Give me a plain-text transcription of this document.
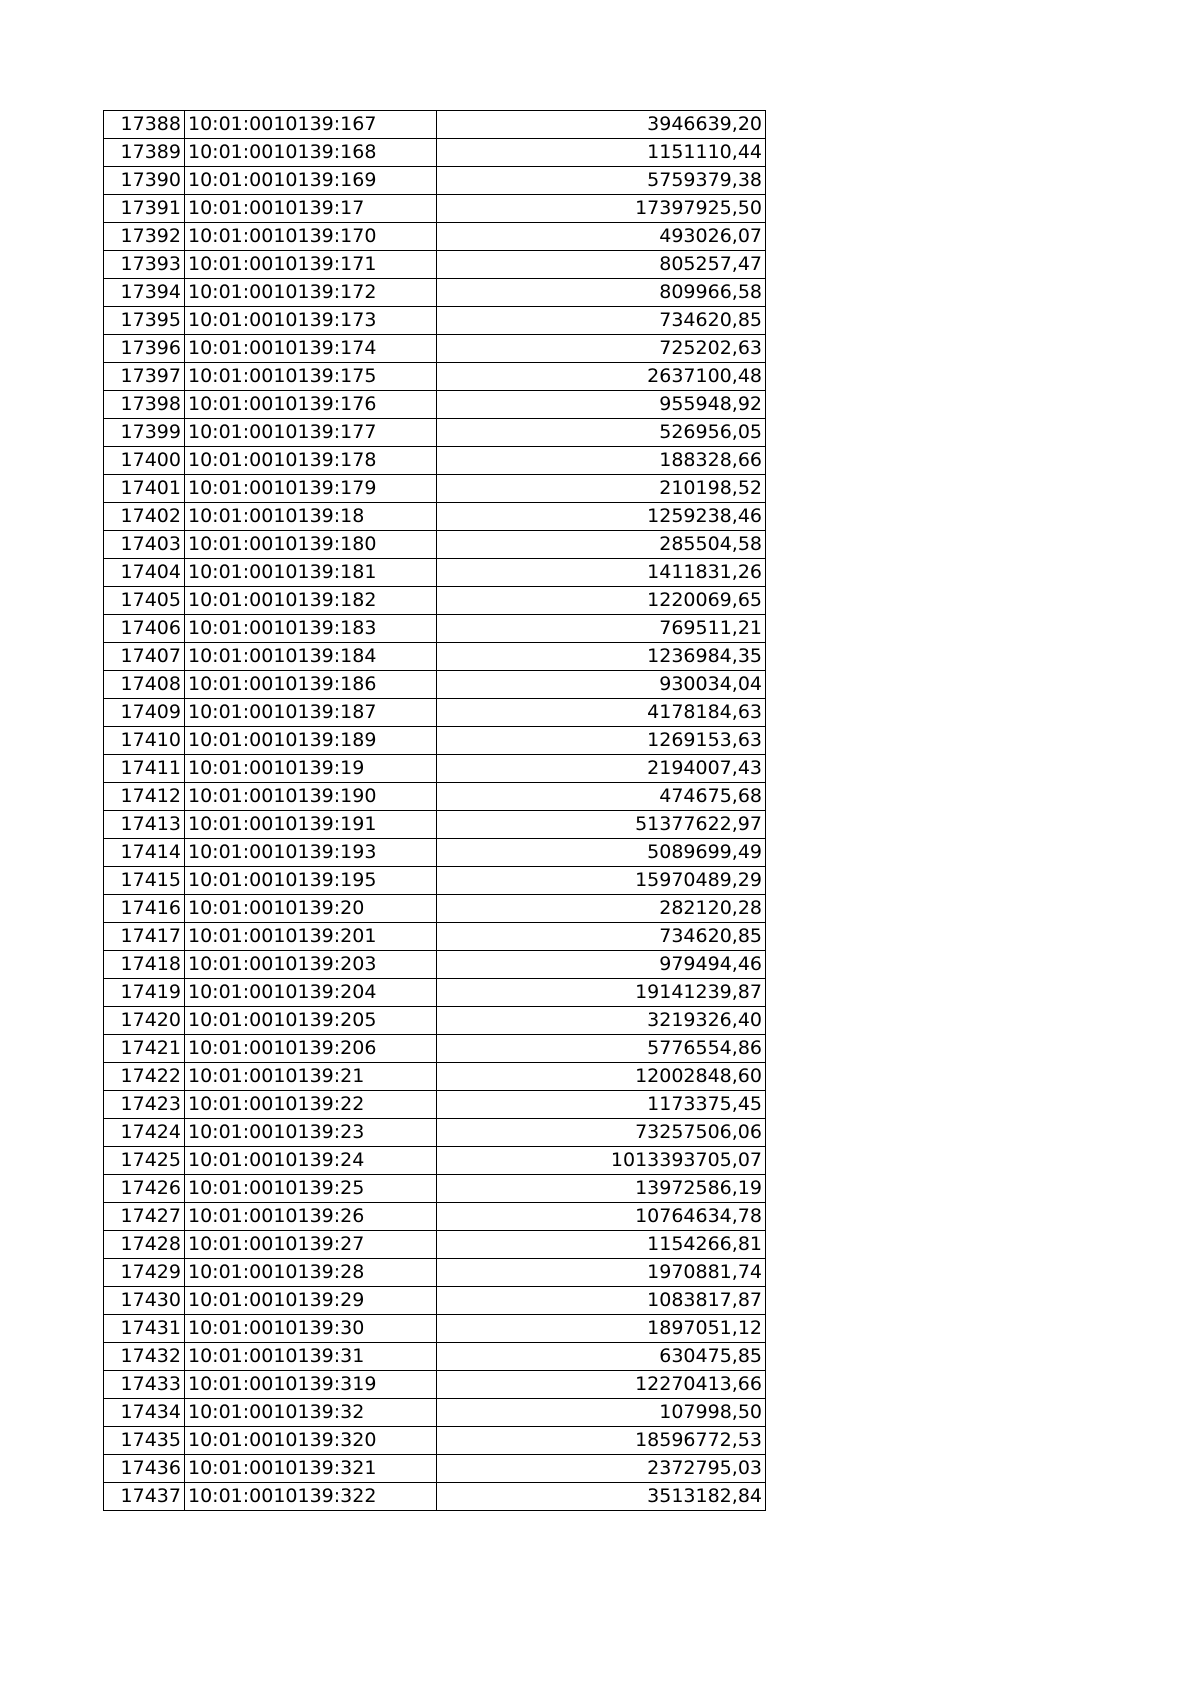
17388	10:01:0010139:167	3946639,20
17389	10:01:0010139:168	1151110,44
17390	10:01:0010139:169	5759379,38
17391	10:01:0010139:17	17397925,50
17392	10:01:0010139:170	493026,07
17393	10:01:0010139:171	805257,47
17394	10:01:0010139:172	809966,58
17395	10:01:0010139:173	734620,85
17396	10:01:0010139:174	725202,63
17397	10:01:0010139:175	2637100,48
17398	10:01:0010139:176	955948,92
17399	10:01:0010139:177	526956,05
17400	10:01:0010139:178	188328,66
17401	10:01:0010139:179	210198,52
17402	10:01:0010139:18	1259238,46
17403	10:01:0010139:180	285504,58
17404	10:01:0010139:181	1411831,26
17405	10:01:0010139:182	1220069,65
17406	10:01:0010139:183	769511,21
17407	10:01:0010139:184	1236984,35
17408	10:01:0010139:186	930034,04
17409	10:01:0010139:187	4178184,63
17410	10:01:0010139:189	1269153,63
17411	10:01:0010139:19	2194007,43
17412	10:01:0010139:190	474675,68
17413	10:01:0010139:191	51377622,97
17414	10:01:0010139:193	5089699,49
17415	10:01:0010139:195	15970489,29
17416	10:01:0010139:20	282120,28
17417	10:01:0010139:201	734620,85
17418	10:01:0010139:203	979494,46
17419	10:01:0010139:204	19141239,87
17420	10:01:0010139:205	3219326,40
17421	10:01:0010139:206	5776554,86
17422	10:01:0010139:21	12002848,60
17423	10:01:0010139:22	1173375,45
17424	10:01:0010139:23	73257506,06
17425	10:01:0010139:24	1013393705,07
17426	10:01:0010139:25	13972586,19
17427	10:01:0010139:26	10764634,78
17428	10:01:0010139:27	1154266,81
17429	10:01:0010139:28	1970881,74
17430	10:01:0010139:29	1083817,87
17431	10:01:0010139:30	1897051,12
17432	10:01:0010139:31	630475,85
17433	10:01:0010139:319	12270413,66
17434	10:01:0010139:32	107998,50
17435	10:01:0010139:320	18596772,53
17436	10:01:0010139:321	2372795,03
17437	10:01:0010139:322	3513182,84
